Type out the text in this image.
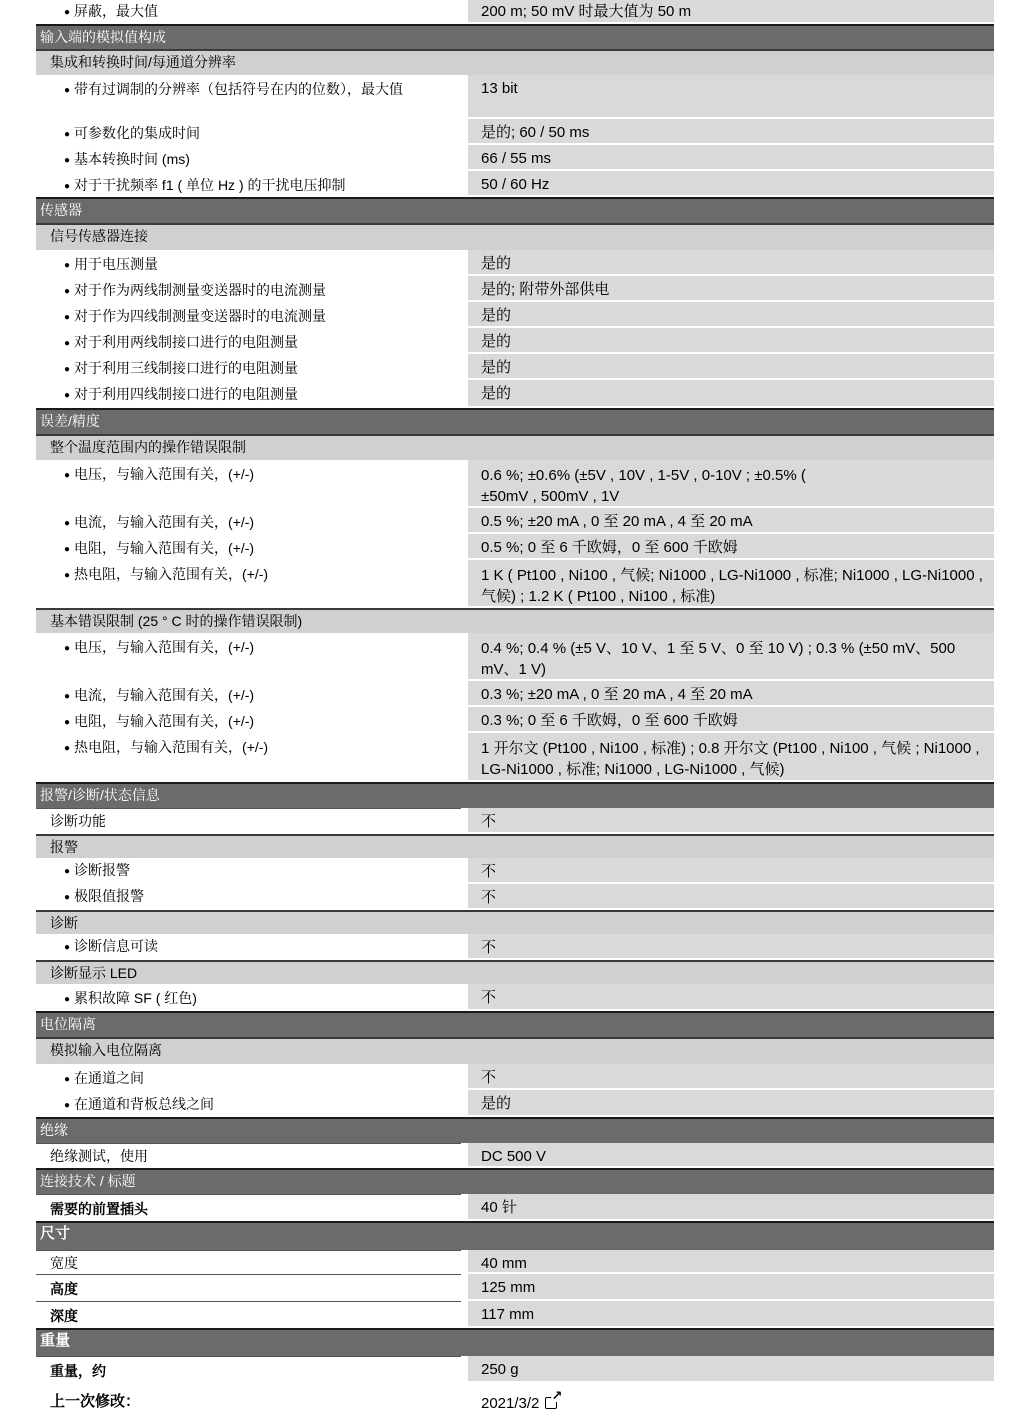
● 屏蔽，最大值	200 m; 50 mV 时最大值为 50 m
输入端的模拟值构成
集成和转换时间/每通道分辨率
● 带有过调制的分辨率（包括符号在内的位数），最大值	13 bit
● 可参数化的集成时间	是的; 60 / 50 ms
● 基本转换时间 (ms)	66 / 55 ms
● 对于干扰频率 f1 ( 单位 Hz ) 的干扰电压抑制	50 / 60 Hz
传感器
信号传感器连接
● 用于电压测量	是的
● 对于作为两线制测量变送器时的电流测量	是的; 附带外部供电
● 对于作为四线制测量变送器时的电流测量	是的
● 对于利用两线制接口进行的电阻测量	是的
● 对于利用三线制接口进行的电阻测量	是的
● 对于利用四线制接口进行的电阻测量	是的
误差/精度
整个温度范围内的操作错误限制
● 电压，与输入范围有关，(+/-)	0.6 %; ±0.6% (±5V , 10V , 1-5V , 0-10V ; ±0.5% ( ±50mV , 500mV , 1V
● 电流，与输入范围有关，(+/-)	0.5 %; ±20 mA , 0 至 20 mA , 4 至 20 mA
● 电阻，与输入范围有关，(+/-)	0.5 %; 0 至 6 千欧姆，0 至 600 千欧姆
● 热电阻，与输入范围有关，(+/-)	1 K ( Pt100 , Ni100 , 气候; Ni1000 , LG-Ni1000 , 标准; Ni1000 , LG-Ni1000 , 气候) ; 1.2 K ( Pt100 , Ni100 , 标准)
基本错误限制 (25 ° C 时的操作错误限制)
● 电压，与输入范围有关，(+/-)	0.4 %; 0.4 % (±5 V、10 V、1 至 5 V、0 至 10 V) ; 0.3 % (±50 mV、500 mV、1 V)
● 电流，与输入范围有关，(+/-)	0.3 %; ±20 mA , 0 至 20 mA , 4 至 20 mA
● 电阻，与输入范围有关，(+/-)	0.3 %; 0 至 6 千欧姆，0 至 600 千欧姆
● 热电阻，与输入范围有关，(+/-)	1 开尔文 (Pt100 , Ni100 , 标准) ; 0.8 开尔文 (Pt100 , Ni100 , 气候 ; Ni1000 , LG-Ni1000 , 标准; Ni1000 , LG-Ni1000 , 气候)
报警/诊断/状态信息
诊断功能	不
报警
● 诊断报警	不
● 极限值报警	不
诊断
● 诊断信息可读	不
诊断显示 LED
● 累积故障 SF ( 红色)	不
电位隔离
模拟输入电位隔离
● 在通道之间	不
● 在通道和背板总线之间	是的
绝缘
绝缘测试，使用	DC 500 V
连接技术 / 标题
需要的前置插头	40 针
尺寸
宽度	40 mm
高度	125 mm
深度	117 mm
重量
重量，约	250 g
上一次修改：	2021/3/2↗
